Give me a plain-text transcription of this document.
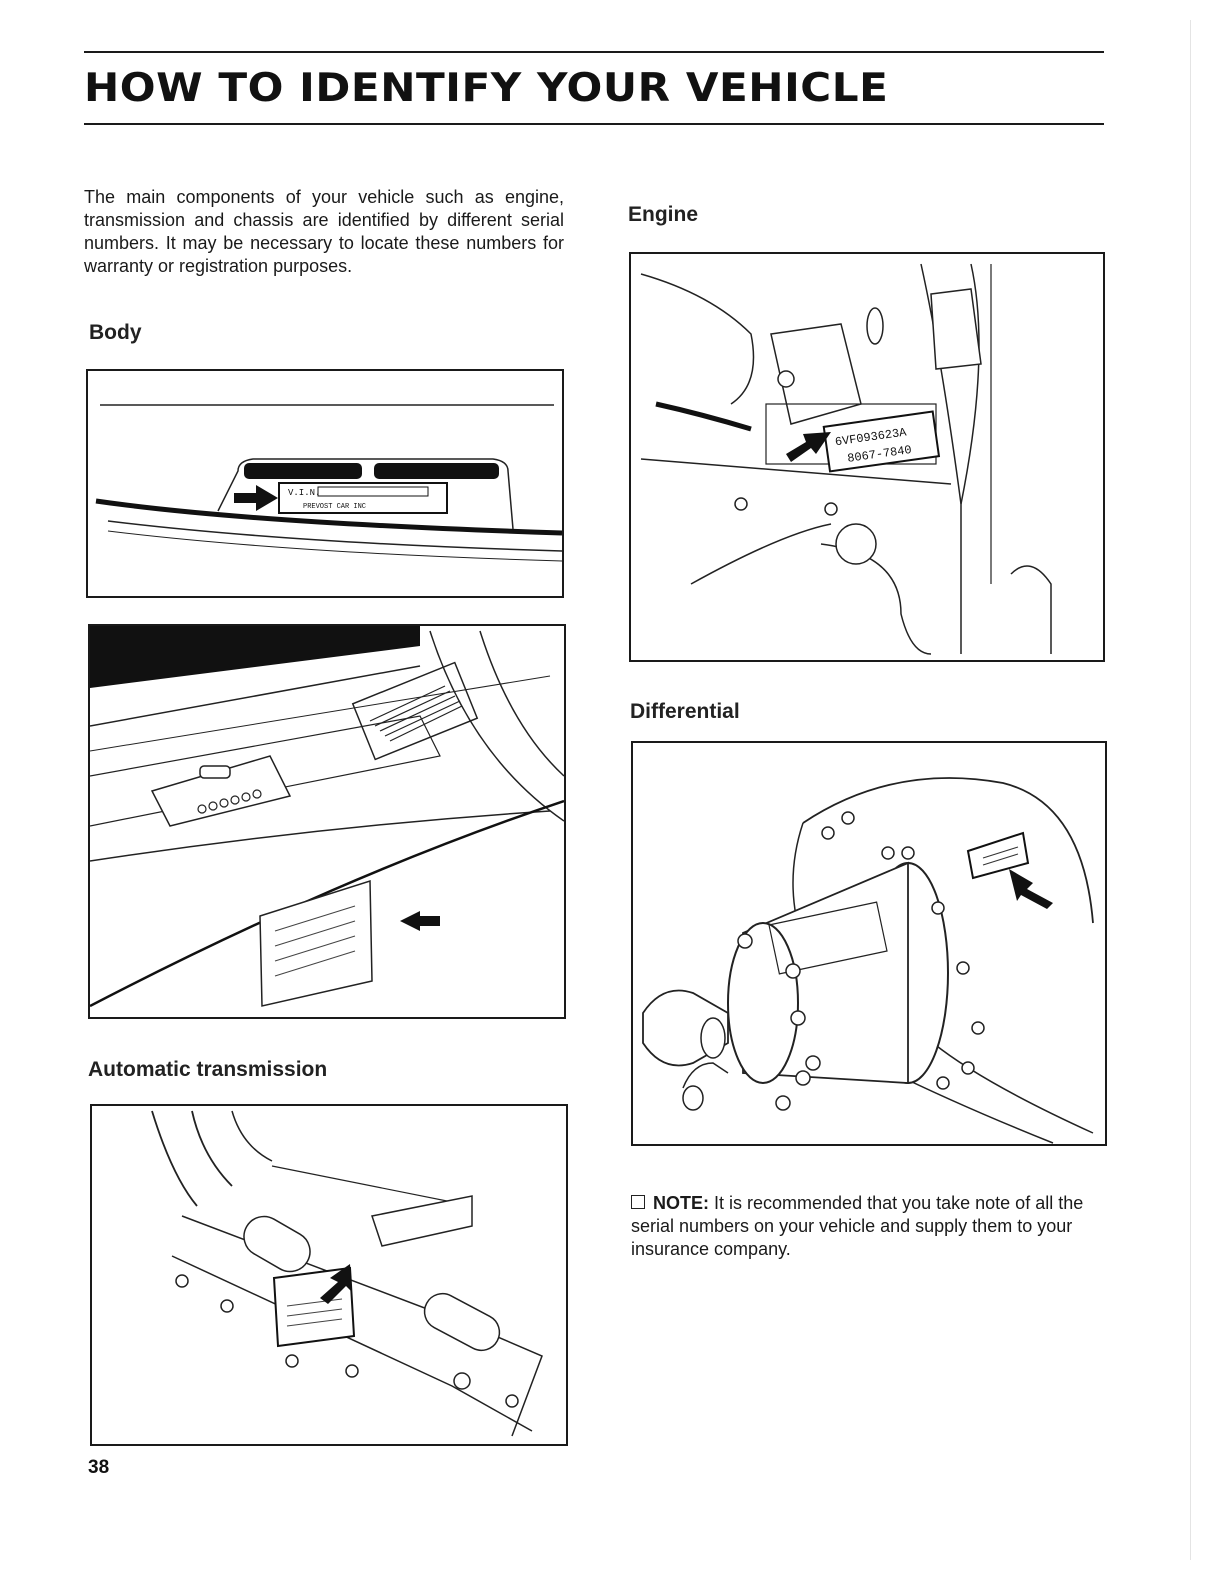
HOW TO IDENTIFY YOUR VEHICLE

The main components of your vehicle such as engine, transmission and chassis are identified by different serial numbers. It may be necessary to locate these numbers for warranty or registration purposes.

Body
V.I.N.
PREVOST CAR INC
Automatic transmission
Engine
6VF093623A
8067-7840
Differential

NOTE: It is recommended that you take note of all the serial numbers on your vehicle and supply them to your insurance company.

38
